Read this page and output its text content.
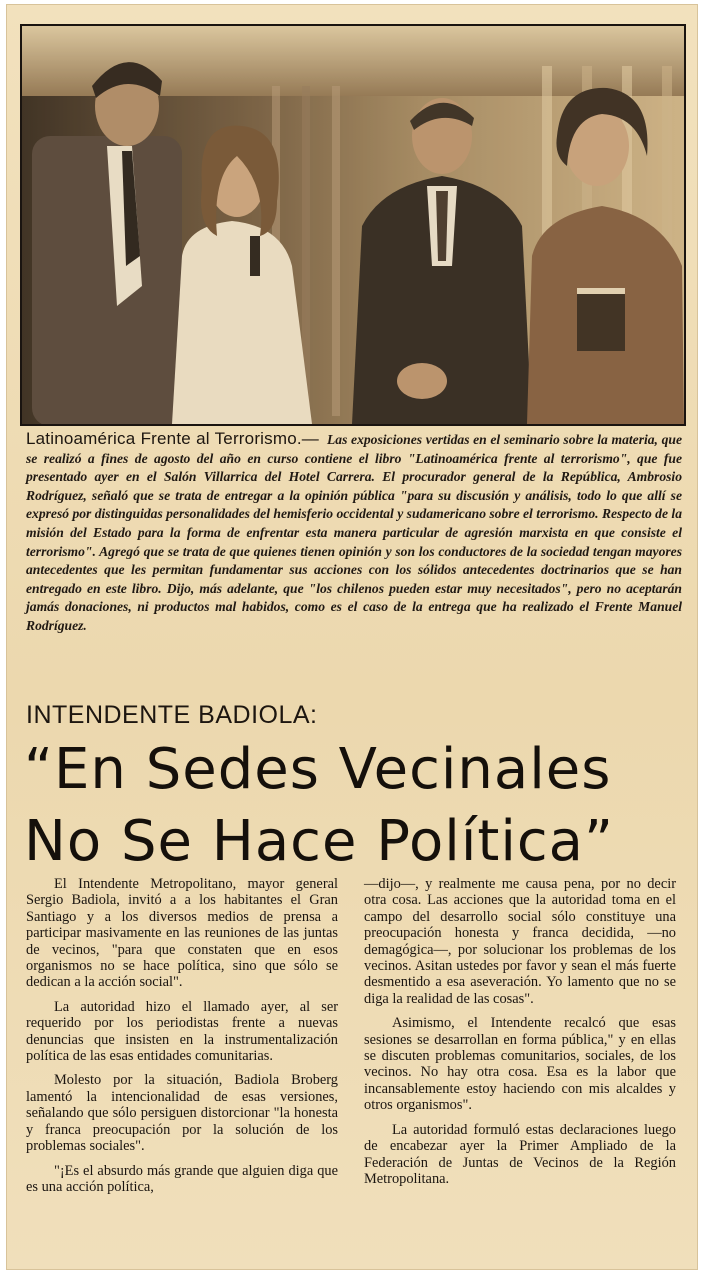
Latinoamérica Frente al Terrorismo.— Las exposiciones vertidas en el seminario sobre la materia, que se realizó a fines de agosto del año en curso contiene el libro "Latinoamérica frente al terrorismo", que fue presentado ayer en el Salón Villarrica del Hotel Carrera. El procurador general de la República, Ambrosio Rodríguez, señaló que se trata de entregar a la opinión pública "para su discusión y análisis, todo lo que allí se expresó por distinguidas personalidades del hemisferio occidental y sudamericano sobre el terrorismo. Respecto de la misión del Estado para la forma de enfrentar esta manera particular de agresión marxista en que consiste el terrorismo". Agregó que se trata de que quienes tienen opinión y son los conductores de la sociedad tengan mayores antecedentes que les permitan fundamentar sus acciones con los sólidos antecedentes doctrinarios que se han entregado en este libro. Dijo, más adelante, que "los chilenos pueden estar muy necesitados", pero no aceptarán jamás donaciones, ni productos mal habidos, como es el caso de la entrega que ha realizado el Frente Manuel Rodríguez.
INTENDENTE BADIOLA:
“En Sedes Vecinales
No Se Hace Política”

El Intendente Metropolitano, mayor general Sergio Badiola, invitó a a los habitantes el Gran Santiago y a los diversos medios de prensa a participar masivamente en las reuniones de las juntas de vecinos, "para que constaten que en esos organismos no se hace política, sino que sólo se dedican a la acción social".

La autoridad hizo el llamado ayer, al ser requerido por los periodistas frente a nuevas denuncias que insisten en la instrumentalización política de las esas entidades comunitarias.

Molesto por la situación, Badiola Broberg lamentó la intencionalidad de esas versiones, señalando que sólo persiguen distorcionar "la honesta y franca preocupación por la solución de los problemas sociales".

"¡Es el absurdo más grande que alguien diga que es una acción política,

—dijo—, y realmente me causa pena, por no decir otra cosa. Las acciones que la autoridad toma en el campo del desarrollo social sólo constituye una preocupación honesta y franca decidida, —no demagógica—, por solucionar los problemas de los vecinos. Asitan ustedes por favor y sean el más fuerte desmentido a esa aseveración. Yo lamento que no se diga la realidad de las cosas".

Asimismo, el Intendente recalcó que esas sesiones se desarrollan en forma pública," y en ellas se discuten problemas comunitarios, sociales, de los vecinos. No hay otra cosa. Esa es la labor que incansablemente estoy haciendo con mis alcaldes y otros organismos".

La autoridad formuló estas declaraciones luego de encabezar ayer la Primer Ampliado de la Federación de Juntas de Vecinos de la Región Metropolitana.
